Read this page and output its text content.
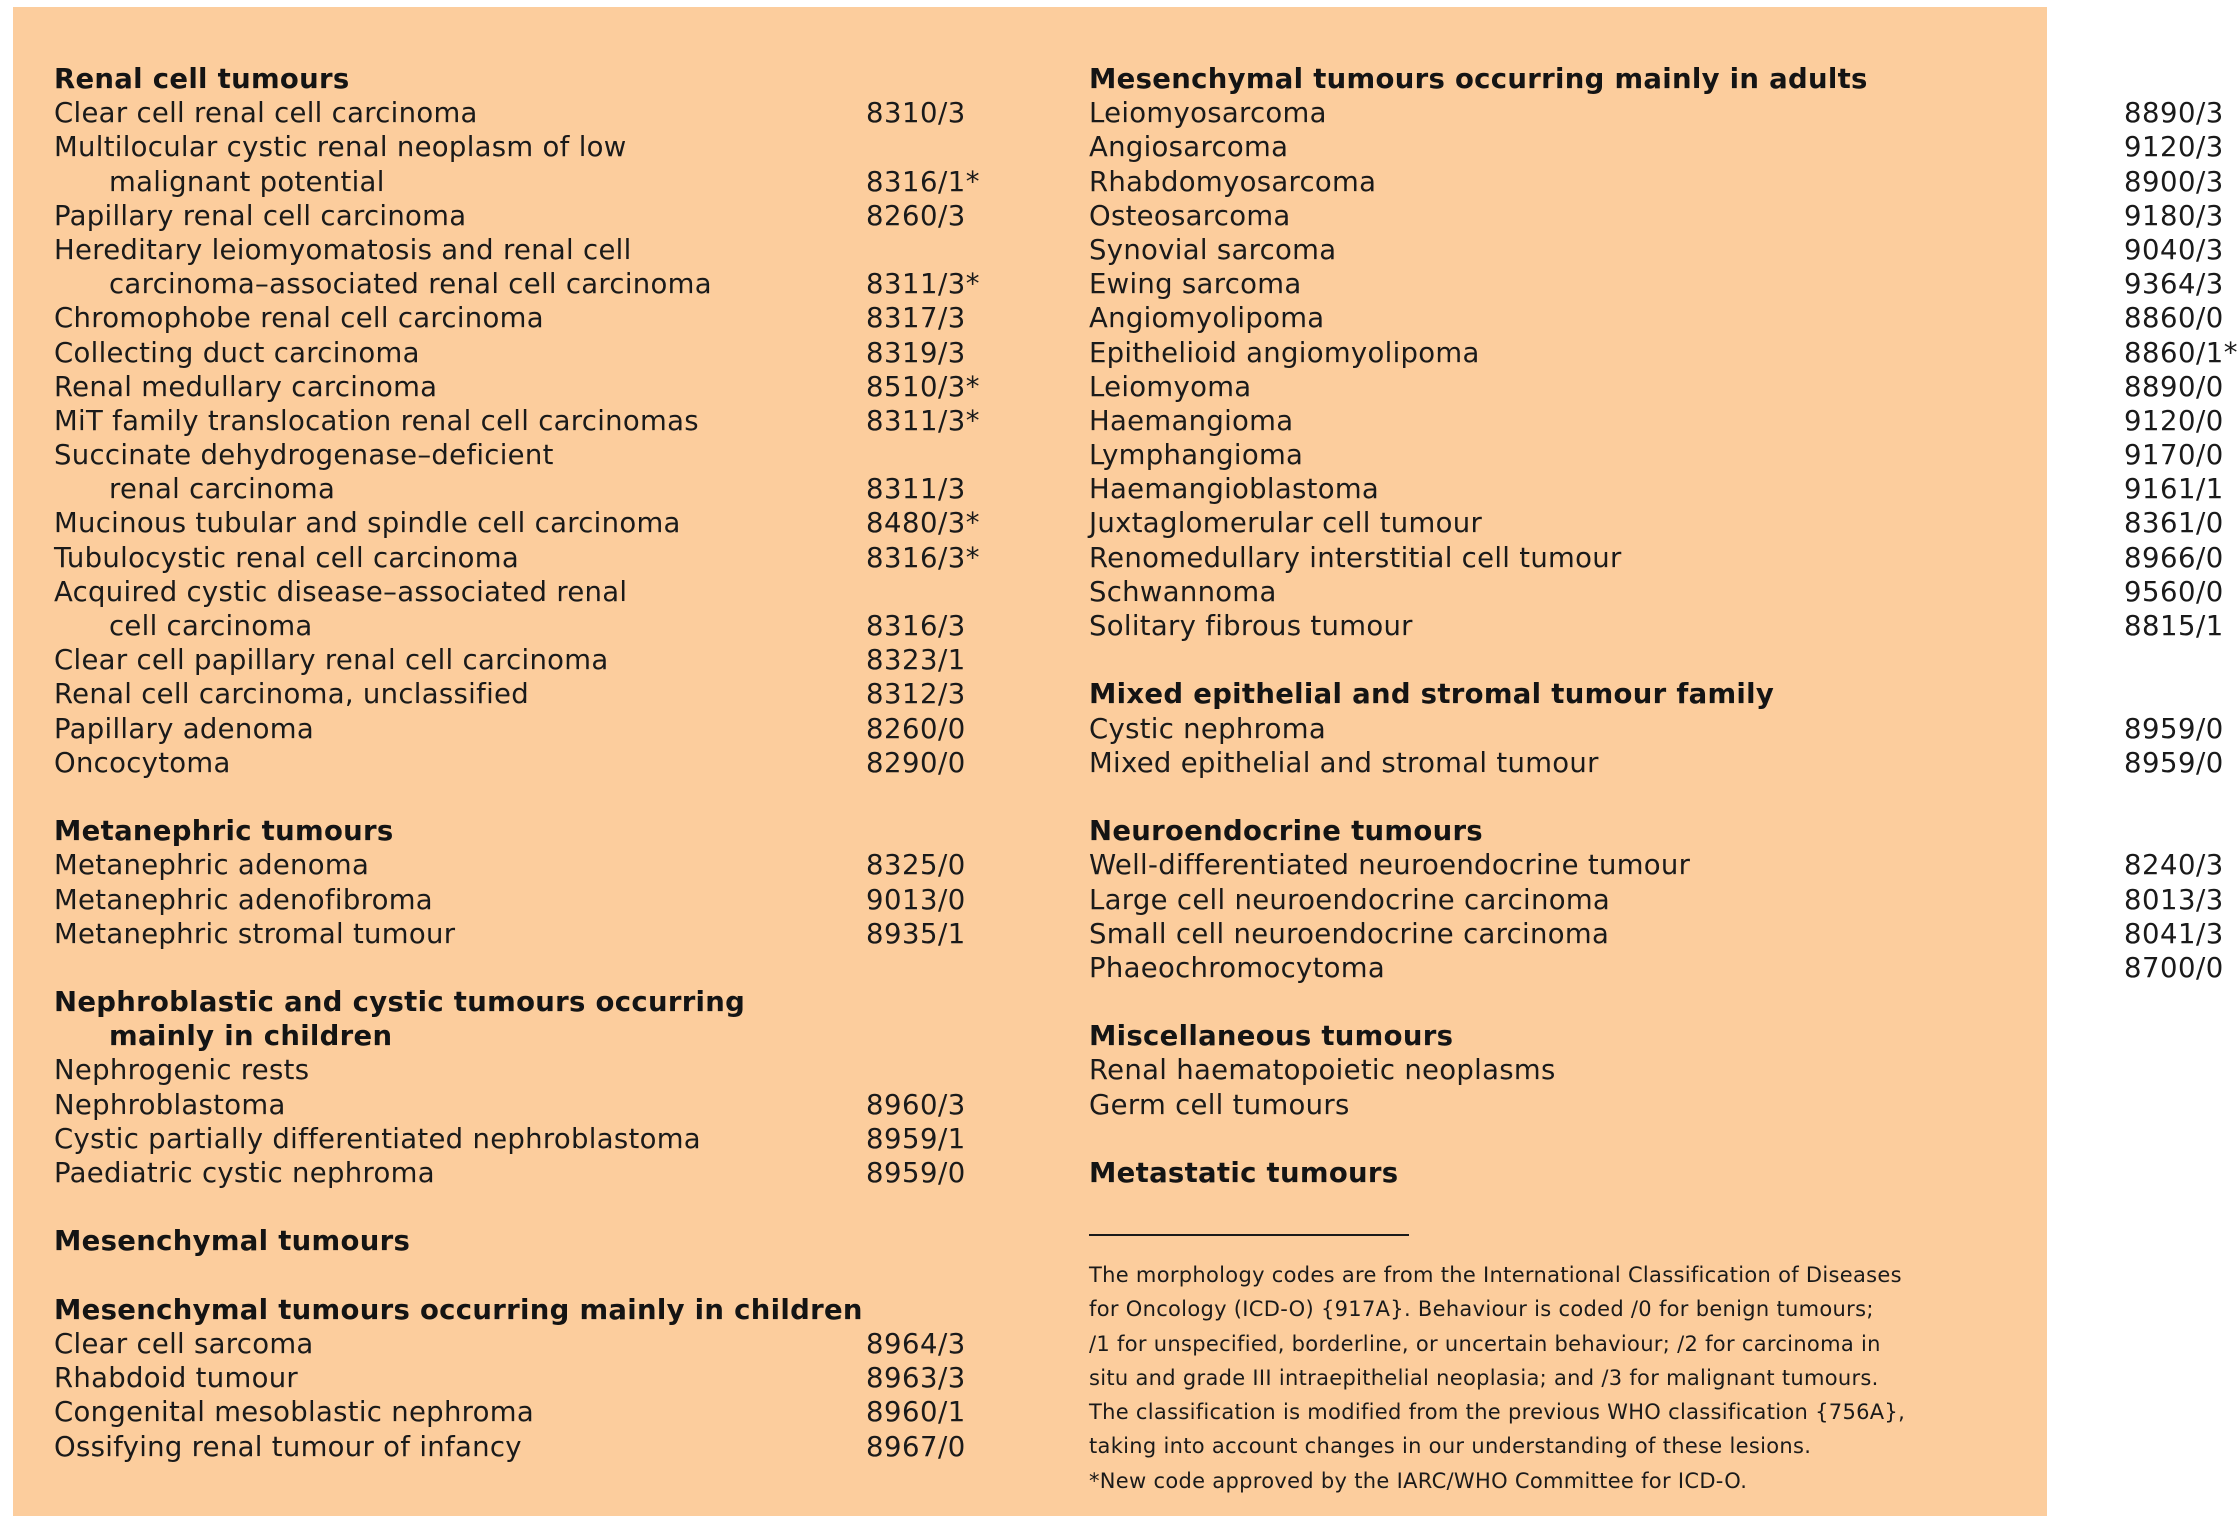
Renal cell tumours
Clear cell renal cell carcinoma	8310/3
Multilocular cystic renal neoplasm of low
malignant potential	8316/1*
Papillary renal cell carcinoma	8260/3
Hereditary leiomyomatosis and renal cell
carcinoma–associated renal cell carcinoma	8311/3*
Chromophobe renal cell carcinoma	8317/3
Collecting duct carcinoma	8319/3
Renal medullary carcinoma	8510/3*
MiT family translocation renal cell carcinomas	8311/3*
Succinate dehydrogenase–deficient
renal carcinoma	8311/3
Mucinous tubular and spindle cell carcinoma	8480/3*
Tubulocystic renal cell carcinoma	8316/3*
Acquired cystic disease–associated renal
cell carcinoma	8316/3
Clear cell papillary renal cell carcinoma	8323/1
Renal cell carcinoma, unclassified	8312/3
Papillary adenoma	8260/0
Oncocytoma	8290/0
Metanephric tumours
Metanephric adenoma	8325/0
Metanephric adenofibroma	9013/0
Metanephric stromal tumour	8935/1
Nephroblastic and cystic tumours occurring
mainly in children
Nephrogenic rests
Nephroblastoma	8960/3
Cystic partially differentiated nephroblastoma	8959/1
Paediatric cystic nephroma	8959/0
Mesenchymal tumours
Mesenchymal tumours occurring mainly in children
Clear cell sarcoma	8964/3
Rhabdoid tumour	8963/3
Congenital mesoblastic nephroma	8960/1
Ossifying renal tumour of infancy	8967/0
Mesenchymal tumours occurring mainly in adults
Leiomyosarcoma	8890/3
Angiosarcoma	9120/3
Rhabdomyosarcoma	8900/3
Osteosarcoma	9180/3
Synovial sarcoma	9040/3
Ewing sarcoma	9364/3
Angiomyolipoma	8860/0
Epithelioid angiomyolipoma	8860/1*
Leiomyoma	8890/0
Haemangioma	9120/0
Lymphangioma	9170/0
Haemangioblastoma	9161/1
Juxtaglomerular cell tumour	8361/0
Renomedullary interstitial cell tumour	8966/0
Schwannoma	9560/0
Solitary fibrous tumour	8815/1
Mixed epithelial and stromal tumour family
Cystic nephroma	8959/0
Mixed epithelial and stromal tumour	8959/0
Neuroendocrine tumours
Well-differentiated neuroendocrine tumour	8240/3
Large cell neuroendocrine carcinoma	8013/3
Small cell neuroendocrine carcinoma	8041/3
Phaeochromocytoma	8700/0
Miscellaneous tumours
Renal haematopoietic neoplasms
Germ cell tumours
Metastatic tumours
The morphology codes are from the International Classification of Diseases
for Oncology (ICD-O) {917A}. Behaviour is coded /0 for benign tumours;
/1 for unspecified, borderline, or uncertain behaviour; /2 for carcinoma in
situ and grade III intraepithelial neoplasia; and /3 for malignant tumours.
The classification is modified from the previous WHO classification {756A},
taking into account changes in our understanding of these lesions.
*New code approved by the IARC/WHO Committee for ICD-O.
